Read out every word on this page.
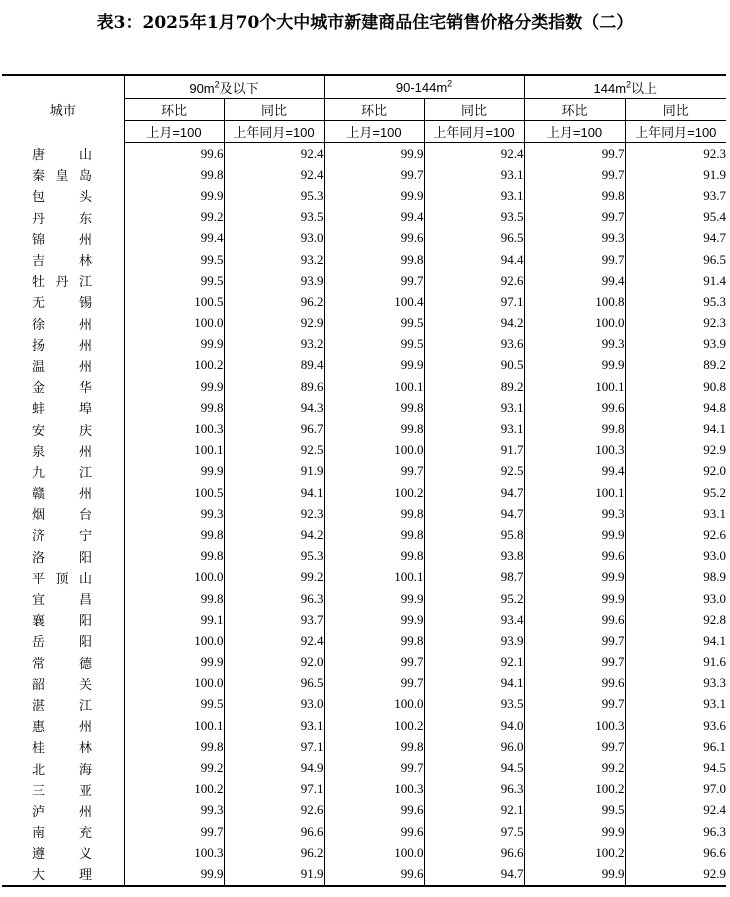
表3：2025年1月70个大中城市新建商品住宅销售价格分类指数（二）
城市	$90m^2$及以下		$90-144m^2$		$144m^2$以上	
	环比	同比	环比	同比	环比	同比
	上月=100	上年同月=100	上月=100	上年同月=100	上月=100	上年同月=100
唐山	99.6	92.4	99.9	92.4	99.7	92.3
秦皇岛	99.8	92.4	99.7	93.1	99.7	91.9
包头	99.9	95.3	99.9	93.1	99.8	93.7
丹东	99.2	93.5	99.4	93.5	99.7	95.4
锦州	99.4	93.0	99.6	96.5	99.3	94.7
吉林	99.5	93.2	99.8	94.4	99.7	96.5
牡丹江	99.5	93.9	99.7	92.6	99.4	91.4
无锡	100.5	96.2	100.4	97.1	100.8	95.3
徐州	100.0	92.9	99.5	94.2	100.0	92.3
扬州	99.9	93.2	99.5	93.6	99.3	93.9
温州	100.2	89.4	99.9	90.5	99.9	89.2
金华	99.9	89.6	100.1	89.2	100.1	90.8
蚌埠	99.8	94.3	99.8	93.1	99.6	94.8
安庆	100.3	96.7	99.8	93.1	99.8	94.1
泉州	100.1	92.5	100.0	91.7	100.3	92.9
九江	99.9	91.9	99.7	92.5	99.4	92.0
赣州	100.5	94.1	100.2	94.7	100.1	95.2
烟台	99.3	92.3	99.8	94.7	99.3	93.1
济宁	99.8	94.2	99.8	95.8	99.9	92.6
洛阳	99.8	95.3	99.8	93.8	99.6	93.0
平顶山	100.0	99.2	100.1	98.7	99.9	98.9
宜昌	99.8	96.3	99.9	95.2	99.9	93.0
襄阳	99.1	93.7	99.9	93.4	99.6	92.8
岳阳	100.0	92.4	99.8	93.9	99.7	94.1
常德	99.9	92.0	99.7	92.1	99.7	91.6
韶关	100.0	96.5	99.7	94.1	99.6	93.3
湛江	99.5	93.0	100.0	93.5	99.7	93.1
惠州	100.1	93.1	100.2	94.0	100.3	93.6
桂林	99.8	97.1	99.8	96.0	99.7	96.1
北海	99.2	94.9	99.7	94.5	99.2	94.5
三亚	100.2	97.1	100.3	96.3	100.2	97.0
泸州	99.3	92.6	99.6	92.1	99.5	92.4
南充	99.7	96.6	99.6	97.5	99.9	96.3
遵义	100.3	96.2	100.0	96.6	100.2	96.6
大理	99.9	91.9	99.6	94.7	99.9	92.9
